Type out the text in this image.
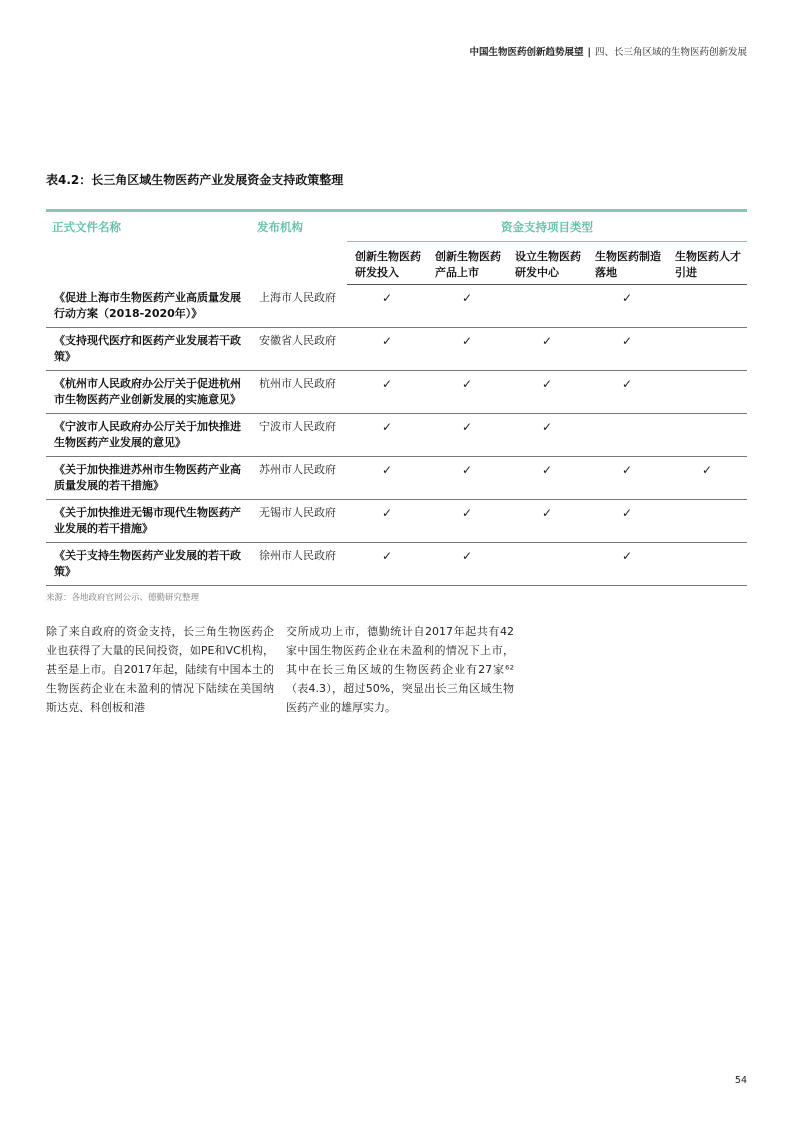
中国生物医药创新趋势展望 | 四、长三角区域的生物医药创新发展
表4.2：长三角区域生物医药产业发展资金支持政策整理
正式文件名称	发布机构	资金支持项目类型				
		创新生物医药研发投入	创新生物医药产品上市	设立生物医药研发中心	生物医药制造落地	生物医药人才引进
《促进上海市生物医药产业高质量发展行动方案（2018-2020年）》	上海市人民政府	✓	✓		✓	
《支持现代医疗和医药产业发展若干政策》	安徽省人民政府	✓	✓	✓	✓	
《杭州市人民政府办公厅关于促进杭州市生物医药产业创新发展的实施意见》	杭州市人民政府	✓	✓	✓	✓	
《宁波市人民政府办公厅关于加快推进生物医药产业发展的意见》	宁波市人民政府	✓	✓	✓		
《关于加快推进苏州市生物医药产业高质量发展的若干措施》	苏州市人民政府	✓	✓	✓	✓	✓
《关于加快推进无锡市现代生物医药产业发展的若干措施》	无锡市人民政府	✓	✓	✓	✓	
《关于支持生物医药产业发展的若干政策》	徐州市人民政府	✓	✓		✓	
来源：各地政府官网公示、德勤研究整理
除了来自政府的资金支持，长三角生物医药企业也获得了大量的民间投资，如PE和VC机构，甚至是上市。自2017年起，陆续有中国本土的生物医药企业在未盈利的情况下陆续在美国纳斯达克、科创板和港
交所成功上市，德勤统计自2017年起共有42家中国生物医药企业在未盈利的情况下上市，其中在长三角区域的生物医药企业有27家⁶²（表4.3），超过50%，突显出长三角区域生物医药产业的雄厚实力。
54
